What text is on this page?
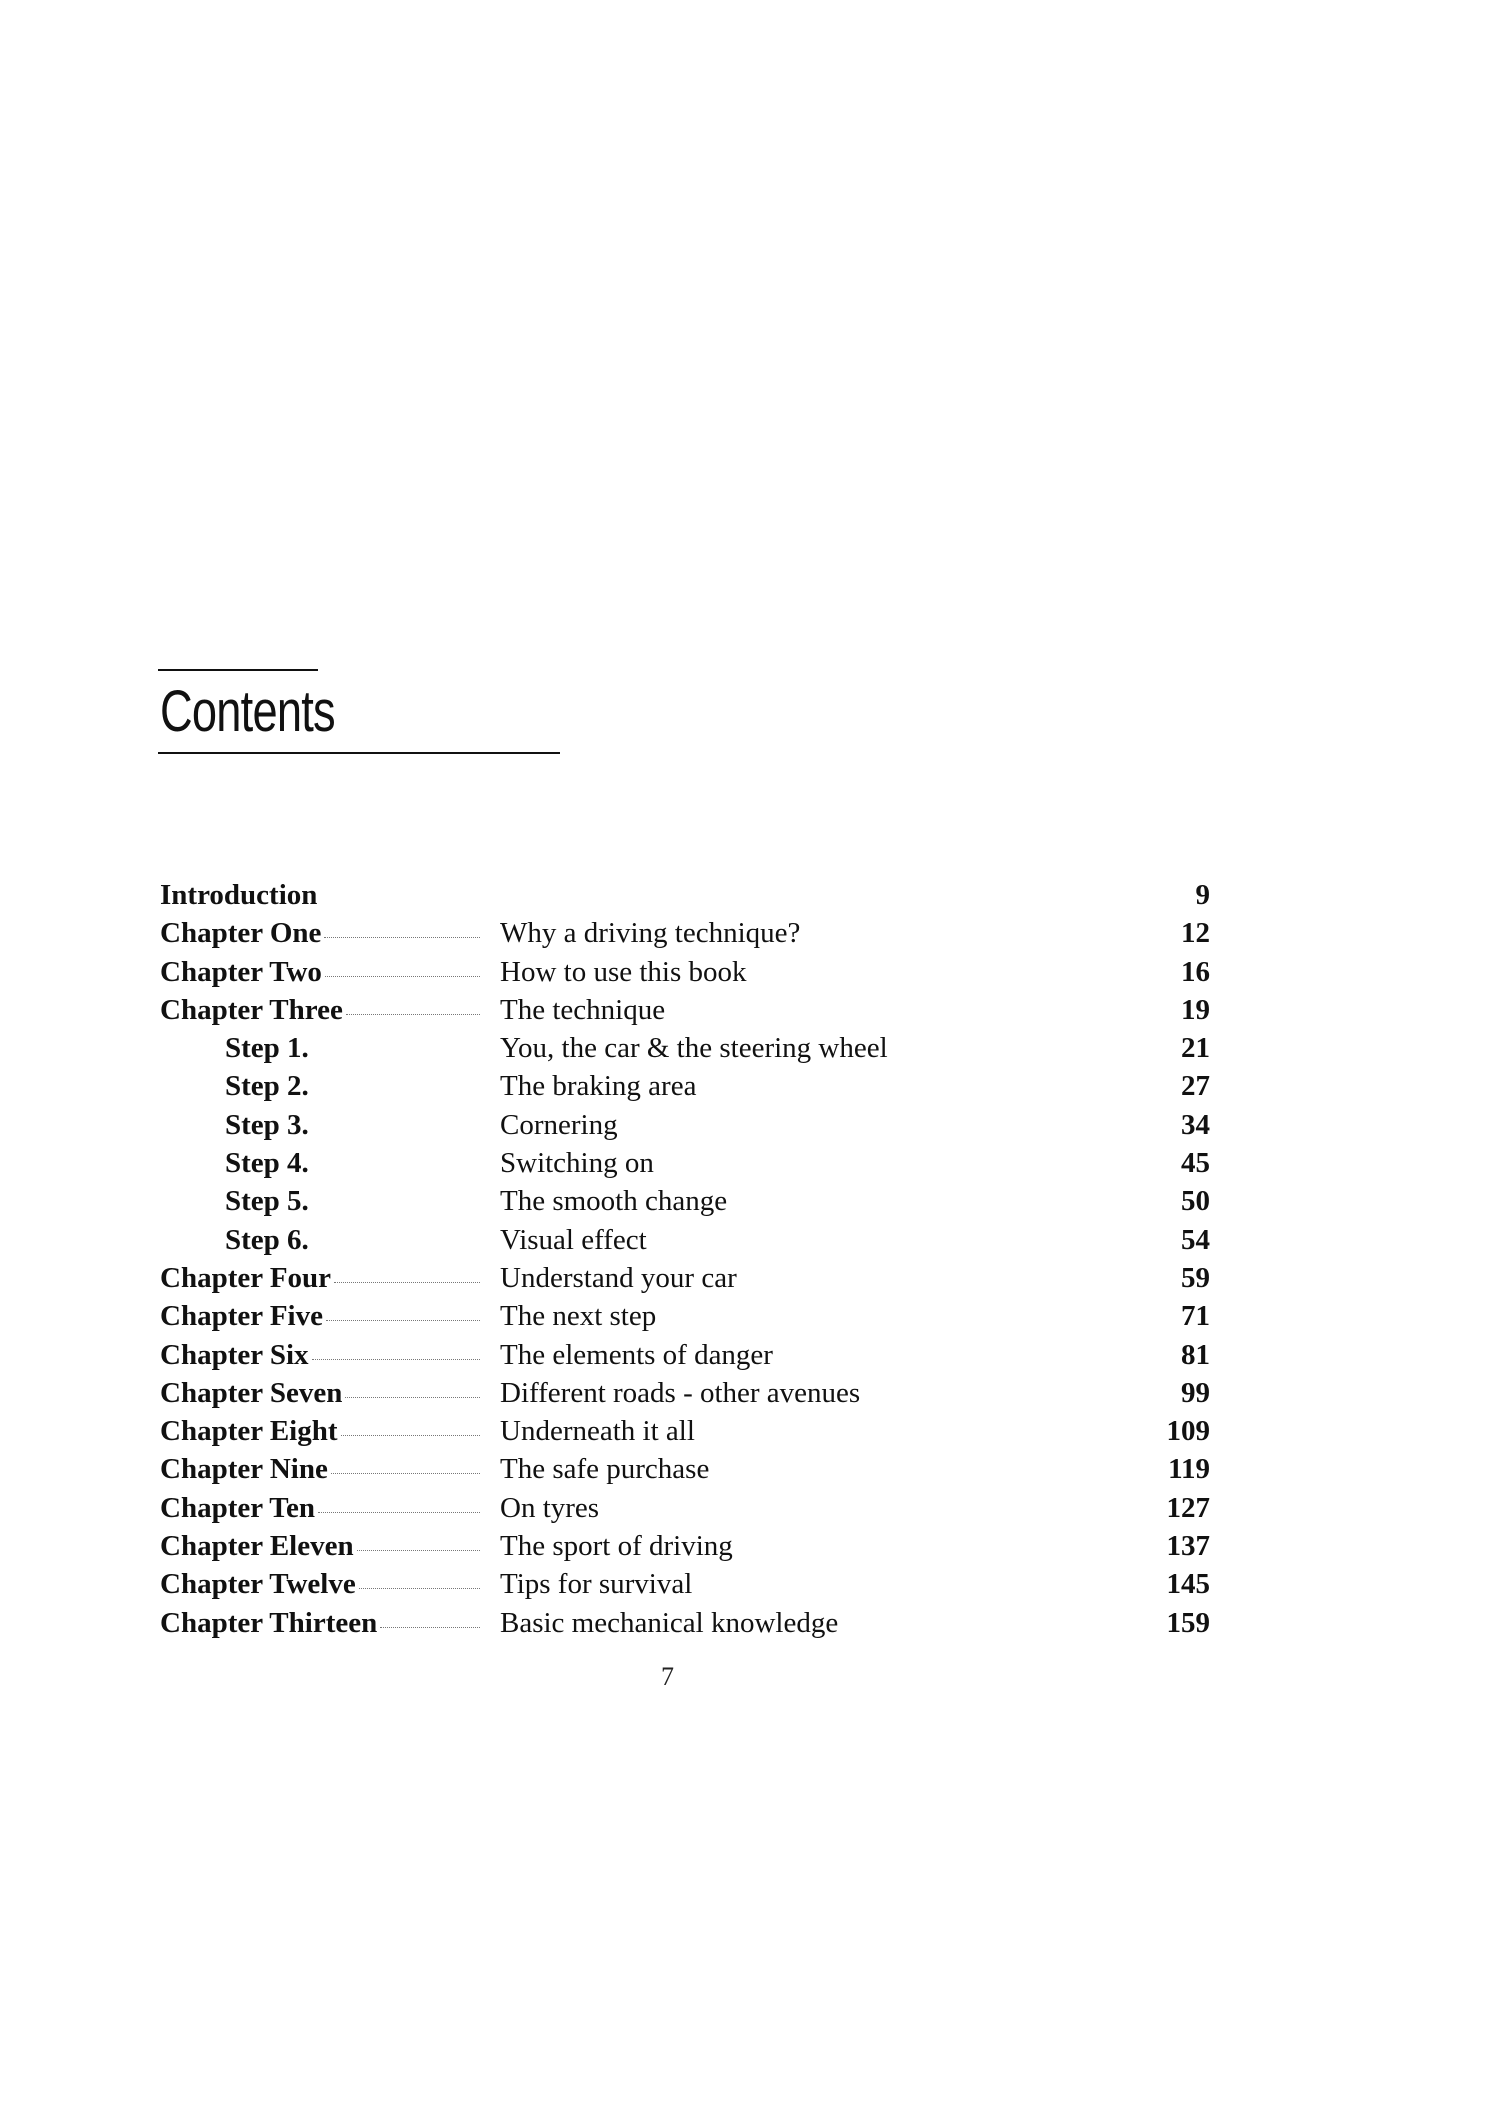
Contents
Introduction	9
Chapter One	Why a driving technique?	12
Chapter Two	How to use this book	16
Chapter Three	The technique	19
Step 1.	You, the car & the steering wheel	21
Step 2.	The braking area	27
Step 3.	Cornering	34
Step 4.	Switching on	45
Step 5.	The smooth change	50
Step 6.	Visual effect	54
Chapter Four	Understand your car	59
Chapter Five	The next step	71
Chapter Six	The elements of danger	81
Chapter Seven	Different roads - other avenues	99
Chapter Eight	Underneath it all	109
Chapter Nine	The safe purchase	119
Chapter Ten	On tyres	127
Chapter Eleven	The sport of driving	137
Chapter Twelve	Tips for survival	145
Chapter Thirteen	Basic mechanical knowledge	159
7
